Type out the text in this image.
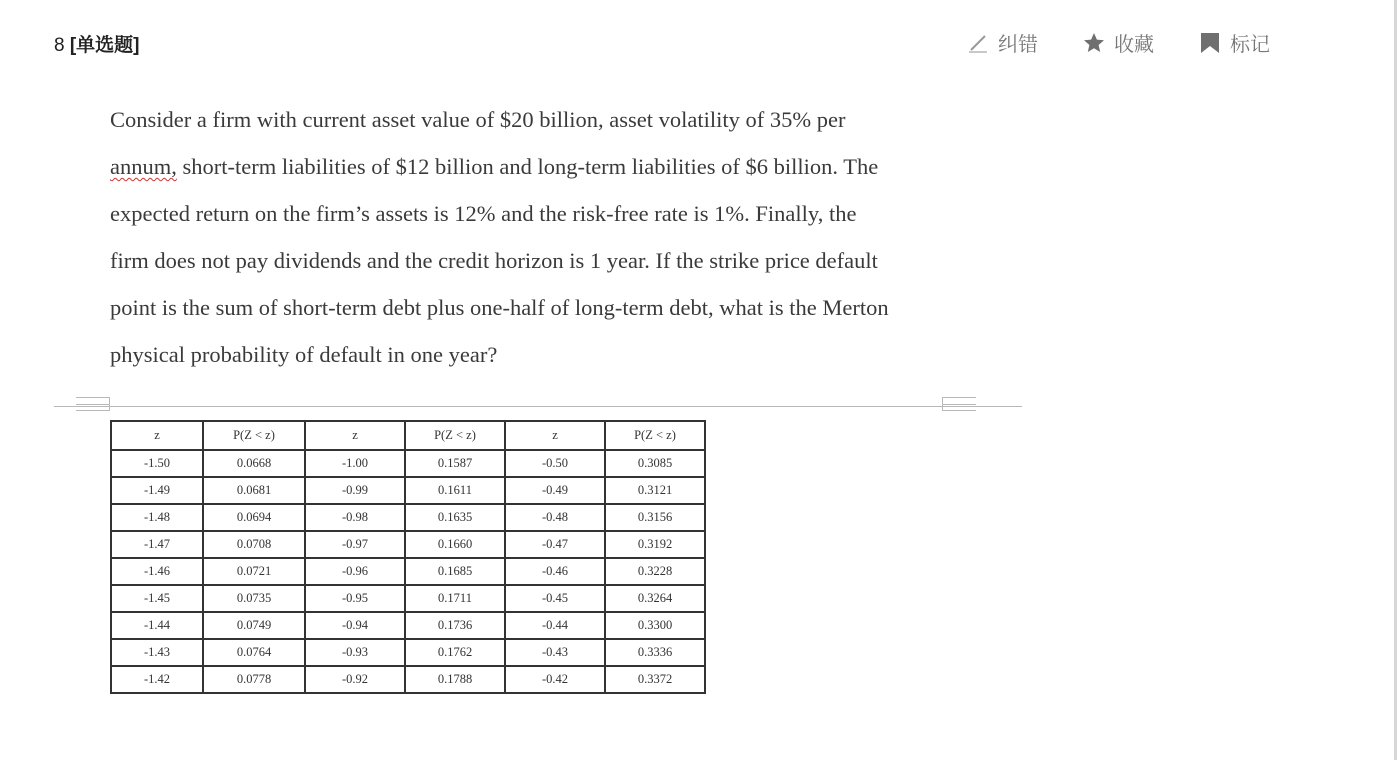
8 [单选题]	纠错	收藏	标记

Consider a firm with current asset value of $20 billion, asset volatility of 35% per
annum, short-term liabilities of $12 billion and long-term liabilities of $6 billion. The
expected return on the firm’s assets is 12% and the risk-free rate is 1%. Finally, the
firm does not pay dividends and the credit horizon is 1 year. If the strike price default
point is the sum of short-term debt plus one-half of long-term debt, what is the Merton
physical probability of default in one year?

z	P(Z < z)	z	P(Z < z)	z	P(Z < z)
-1.50	0.0668	-1.00	0.1587	-0.50	0.3085
-1.49	0.0681	-0.99	0.1611	-0.49	0.3121
-1.48	0.0694	-0.98	0.1635	-0.48	0.3156
-1.47	0.0708	-0.97	0.1660	-0.47	0.3192
-1.46	0.0721	-0.96	0.1685	-0.46	0.3228
-1.45	0.0735	-0.95	0.1711	-0.45	0.3264
-1.44	0.0749	-0.94	0.1736	-0.44	0.3300
-1.43	0.0764	-0.93	0.1762	-0.43	0.3336
-1.42	0.0778	-0.92	0.1788	-0.42	0.3372
